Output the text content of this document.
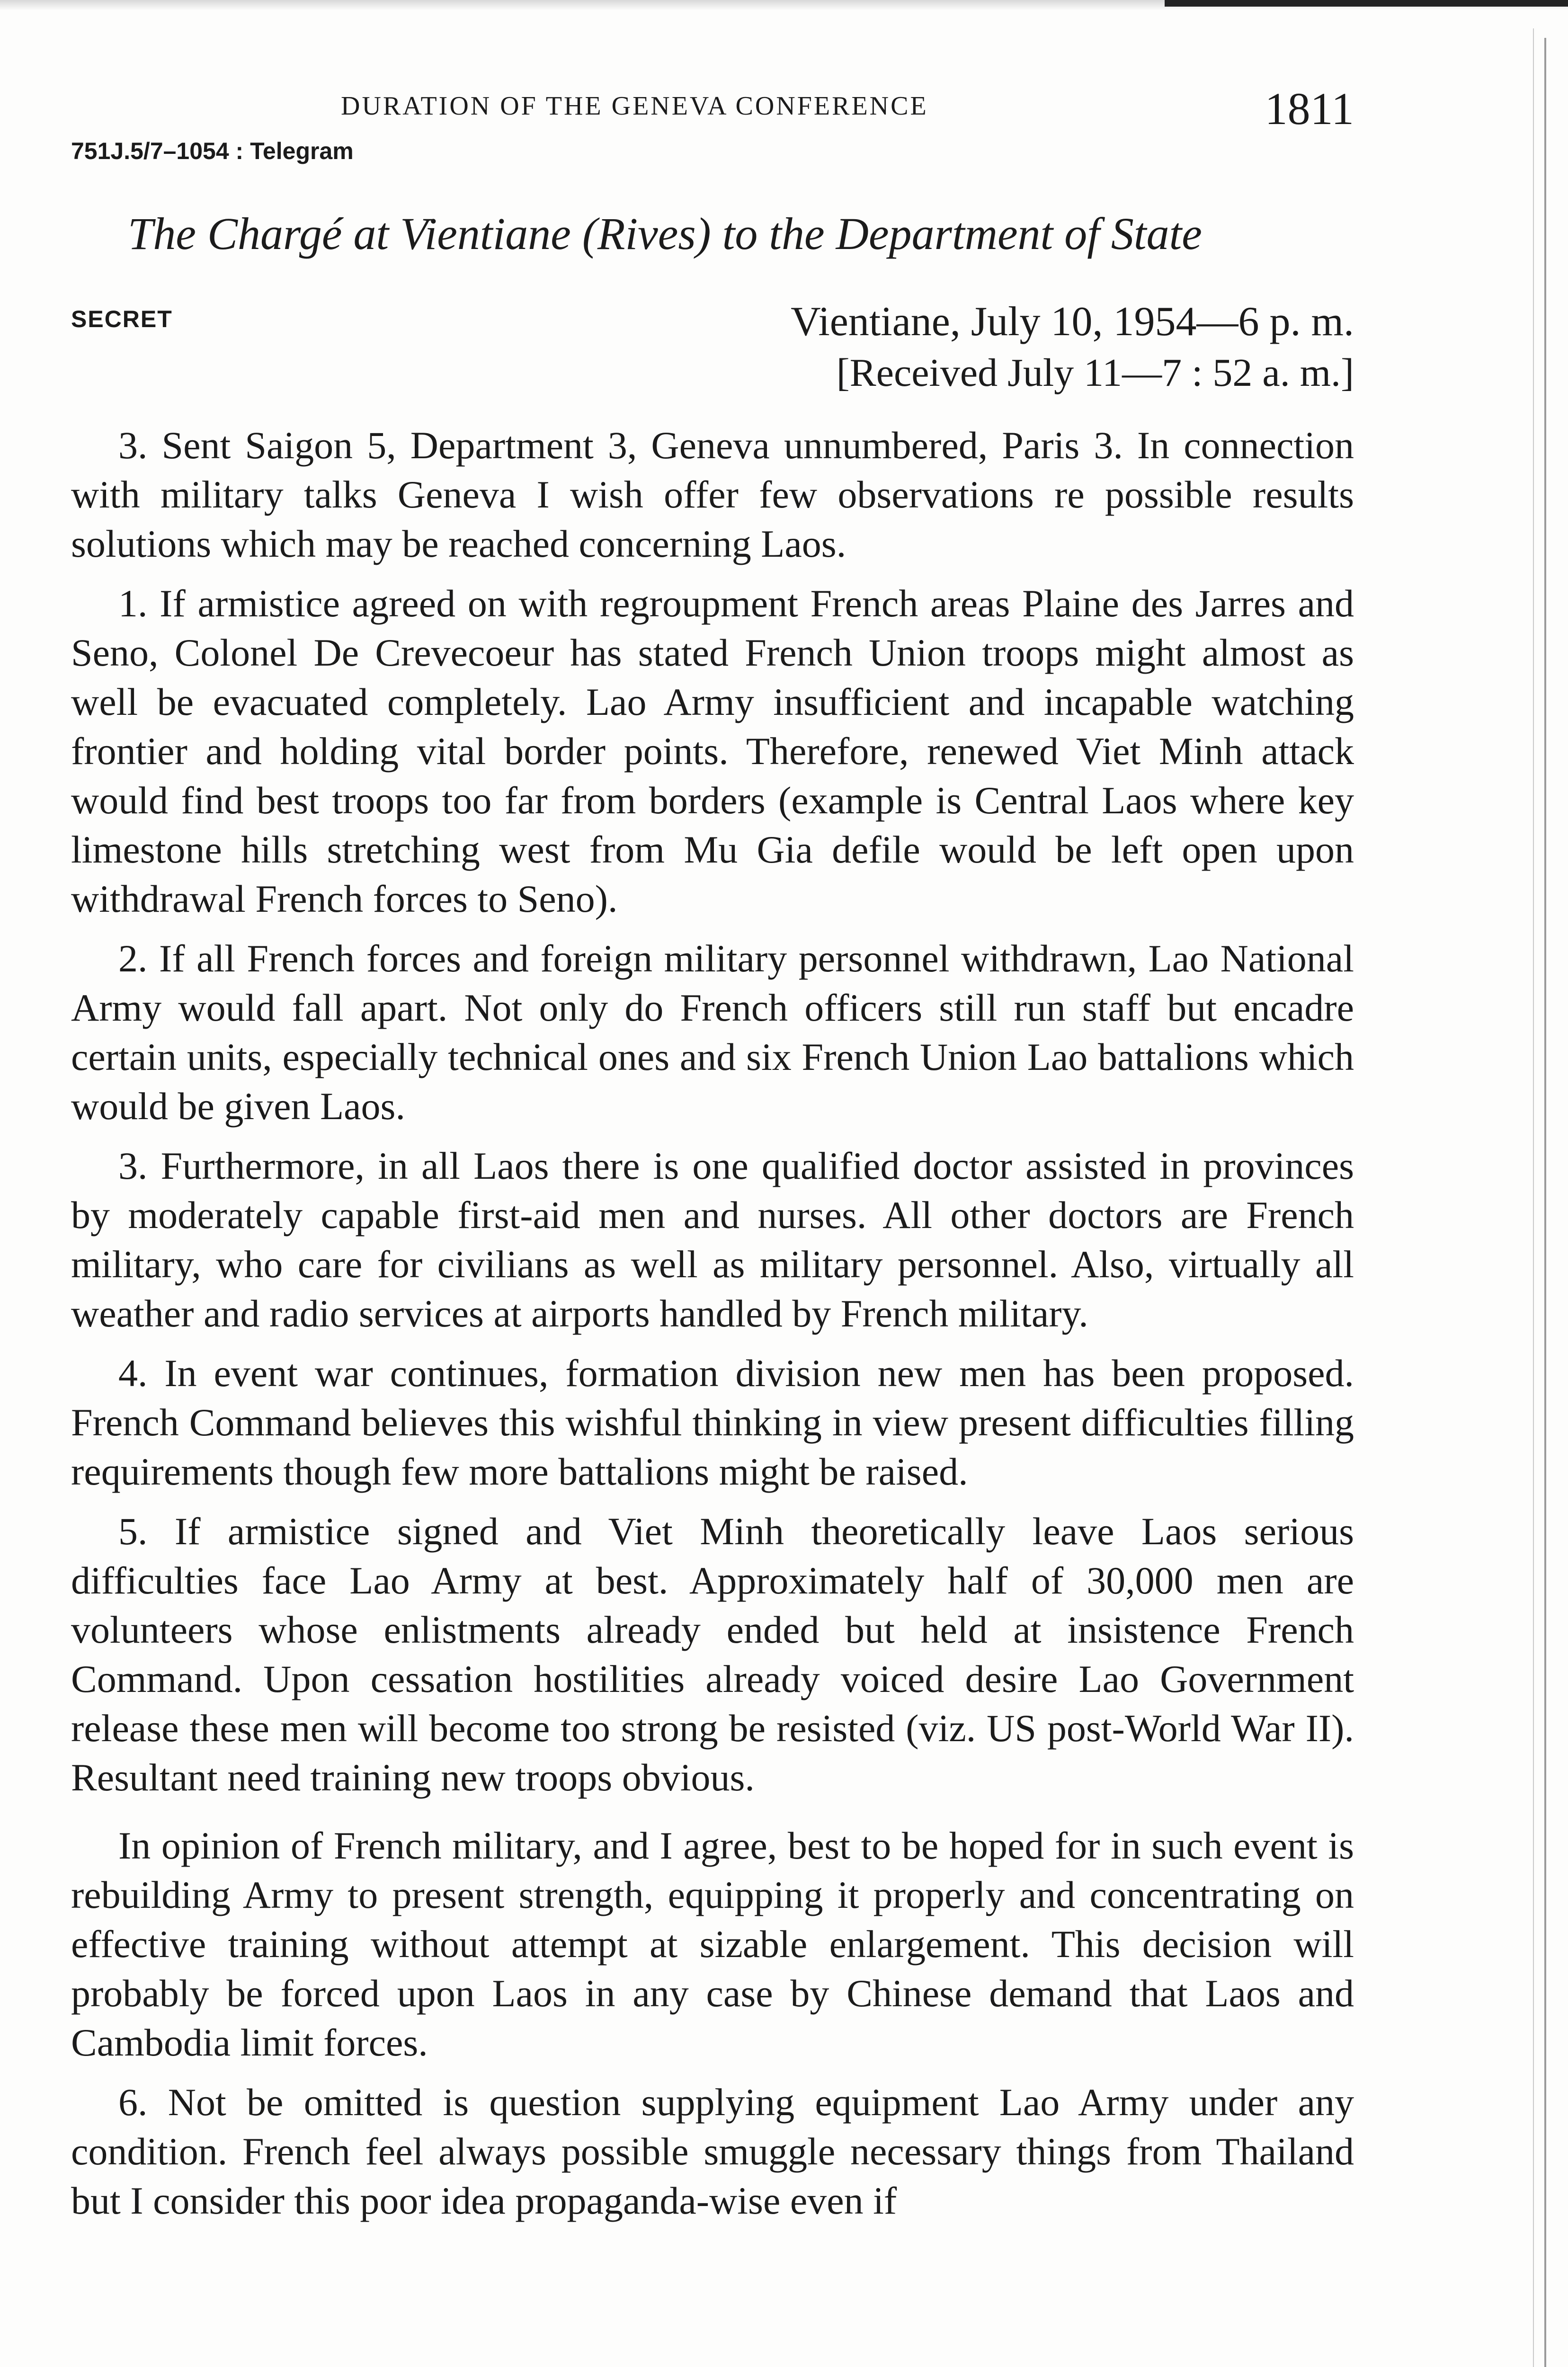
DURATION OF THE GENEVA CONFERENCE	1811
751J.5/7–1054 : Telegram
The Chargé at Vientiane (Rives) to the Department of State
SECRET	Vientiane, July 10, 1954—6 p. m.
[Received July 11—7 : 52 a. m.]

3. Sent Saigon 5, Department 3, Geneva unnumbered, Paris 3. In connection with military talks Geneva I wish offer few observations re possible results solutions which may be reached concerning Laos.

1. If armistice agreed on with regroupment French areas Plaine des Jarres and Seno, Colonel De Crevecoeur has stated French Union troops might almost as well be evacuated completely. Lao Army insufficient and incapable watching frontier and holding vital border points. Therefore, renewed Viet Minh attack would find best troops too far from borders (example is Central Laos where key limestone hills stretching west from Mu Gia defile would be left open upon withdrawal French forces to Seno).

2. If all French forces and foreign military personnel withdrawn, Lao National Army would fall apart. Not only do French officers still run staff but encadre certain units, especially technical ones and six French Union Lao battalions which would be given Laos.

3. Furthermore, in all Laos there is one qualified doctor assisted in provinces by moderately capable first-aid men and nurses. All other doctors are French military, who care for civilians as well as military personnel. Also, virtually all weather and radio services at airports handled by French military.

4. In event war continues, formation division new men has been proposed. French Command believes this wishful thinking in view present difficulties filling requirements though few more battalions might be raised.

5. If armistice signed and Viet Minh theoretically leave Laos serious difficulties face Lao Army at best. Approximately half of 30,000 men are volunteers whose enlistments already ended but held at insistence French Command. Upon cessation hostilities already voiced desire Lao Government release these men will become too strong be resisted (viz. US post-World War II). Resultant need training new troops obvious.

In opinion of French military, and I agree, best to be hoped for in such event is rebuilding Army to present strength, equipping it properly and concentrating on effective training without attempt at sizable enlargement. This decision will probably be forced upon Laos in any case by Chinese demand that Laos and Cambodia limit forces.

6. Not be omitted is question supplying equipment Lao Army under any condition. French feel always possible smuggle necessary things from Thailand but I consider this poor idea propaganda-wise even if
